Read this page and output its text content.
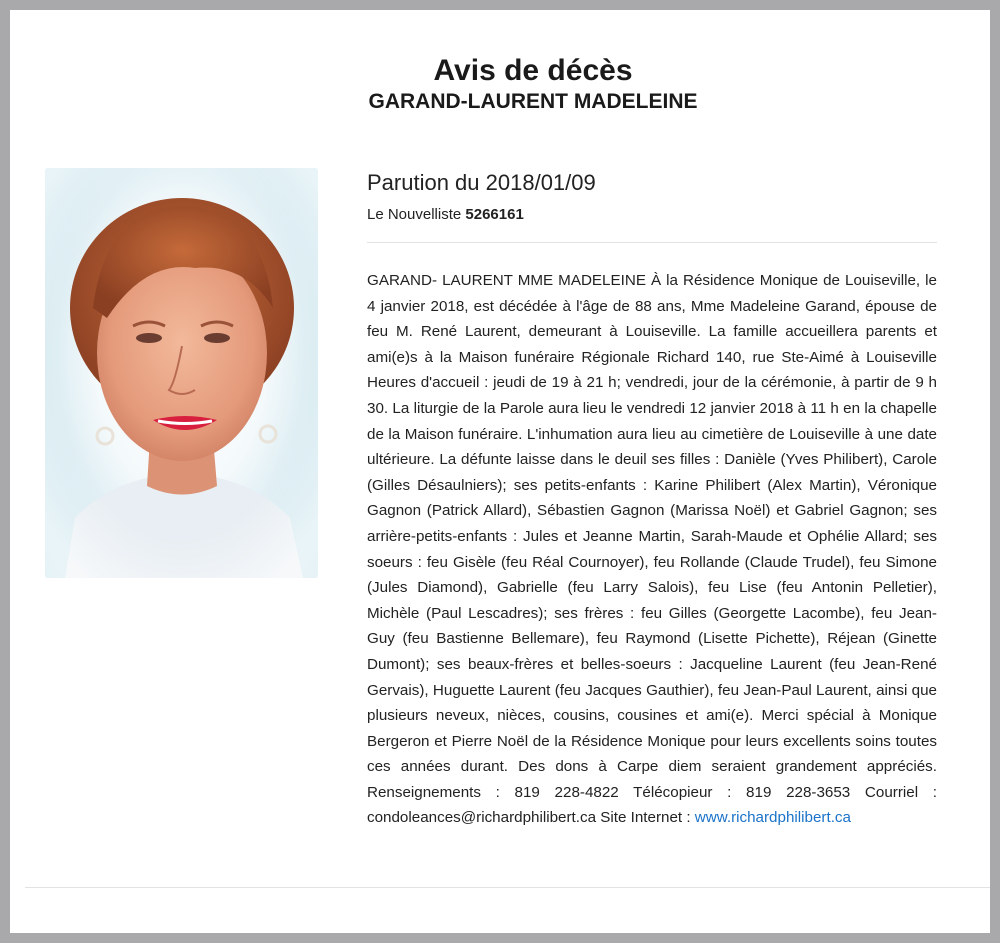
Avis de décès
GARAND-LAURENT MADELEINE
Parution du 2018/01/09
Le Nouvelliste 5266161
GARAND- LAURENT MME MADELEINE À la Résidence Monique de Louiseville, le 4 janvier 2018, est décédée à l'âge de 88 ans, Mme Madeleine Garand, épouse de feu M. René Laurent, demeurant à Louiseville. La famille accueillera parents et ami(e)s à la Maison funéraire Régionale Richard 140, rue Ste-Aimé à Louiseville Heures d'accueil : jeudi de 19 à 21 h; vendredi, jour de la cérémonie, à partir de 9 h 30. La liturgie de la Parole aura lieu le vendredi 12 janvier 2018 à 11 h en la chapelle de la Maison funéraire. L'inhumation aura lieu au cimetière de Louiseville à une date ultérieure. La défunte laisse dans le deuil ses filles : Danièle (Yves Philibert), Carole (Gilles Désaulniers); ses petits-enfants : Karine Philibert (Alex Martin), Véronique Gagnon (Patrick Allard), Sébastien Gagnon (Marissa Noël) et Gabriel Gagnon; ses arrière-petits-enfants : Jules et Jeanne Martin, Sarah-Maude et Ophélie Allard; ses soeurs : feu Gisèle (feu Réal Cournoyer), feu Rollande (Claude Trudel), feu Simone (Jules Diamond), Gabrielle (feu Larry Salois), feu Lise (feu Antonin Pelletier), Michèle (Paul Lescadres); ses frères : feu Gilles (Georgette Lacombe), feu Jean-Guy (feu Bastienne Bellemare), feu Raymond (Lisette Pichette), Réjean (Ginette Dumont); ses beaux-frères et belles-soeurs : Jacqueline Laurent (feu Jean-René Gervais), Huguette Laurent (feu Jacques Gauthier), feu Jean-Paul Laurent, ainsi que plusieurs neveux, nièces, cousins, cousines et ami(e). Merci spécial à Monique Bergeron et Pierre Noël de la Résidence Monique pour leurs excellents soins toutes ces années durant. Des dons à Carpe diem seraient grandement appréciés. Renseignements : 819 228-4822 Télécopieur : 819 228-3653 Courriel : condoleances@richardphilibert.ca Site Internet : www.richardphilibert.ca
